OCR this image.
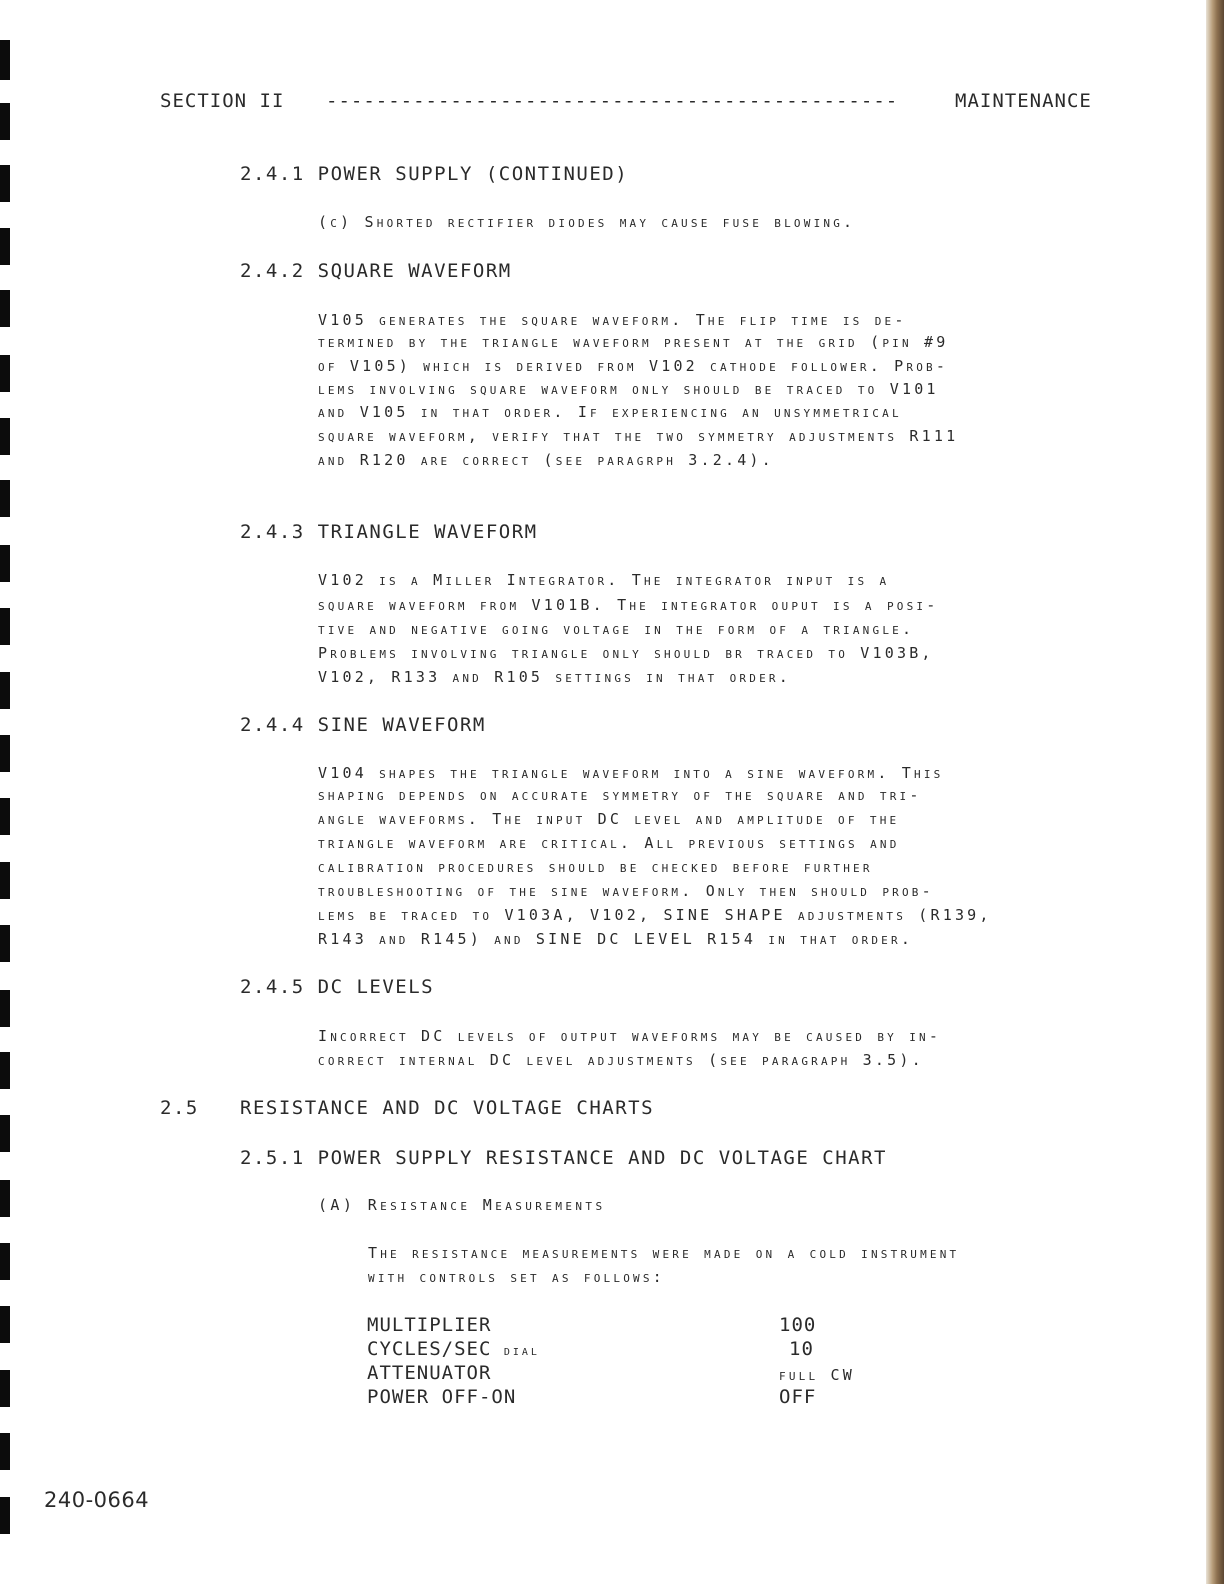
SECTION II ----------------------------------------------	MAINTENANCE
2.4.1 POWER SUPPLY (CONTINUED)
(c) Shorted rectifier diodes may cause fuse blowing.
2.4.2 SQUARE WAVEFORM
V105 generates the square waveform. The flip time is de-
termined by the triangle waveform present at the grid (pin #9
of V105) which is derived from V102 cathode follower. Prob-
lems involving square waveform only should be traced to V101
and V105 in that order. If experiencing an unsymmetrical
square waveform, verify that the two symmetry adjustments R111
and R120 are correct (see paragrph 3.2.4).
2.4.3 TRIANGLE WAVEFORM
V102 is a Miller Integrator. The integrator input is a
square waveform from V101B. The integrator ouput is a posi-
tive and negative going voltage in the form of a triangle.
Problems involving triangle only should br traced to V103B,
V102, R133 and R105 settings in that order.
2.4.4 SINE WAVEFORM
V104 shapes the triangle waveform into a sine waveform. This
shaping depends on accurate symmetry of the square and tri-
angle waveforms. The input DC level and amplitude of the
triangle waveform are critical. All previous settings and
calibration procedures should be checked before further
troubleshooting of the sine waveform. Only then should prob-
lems be traced to V103A, V102, SINE SHAPE adjustments (R139,
R143 and R145) and SINE DC LEVEL R154 in that order.
2.4.5 DC LEVELS
Incorrect DC levels of output waveforms may be caused by in-
correct internal DC level adjustments (see paragraph 3.5).
2.5 RESISTANCE AND DC VOLTAGE CHARTS
2.5.1 POWER SUPPLY RESISTANCE AND DC VOLTAGE CHART
(A) Resistance Measurements
The resistance measurements were made on a cold instrument
with controls set as follows:
MULTIPLIER	100
CYCLES/SEC dial	10
ATTENUATOR	full CW
POWER OFF-ON	OFF
240-0664
